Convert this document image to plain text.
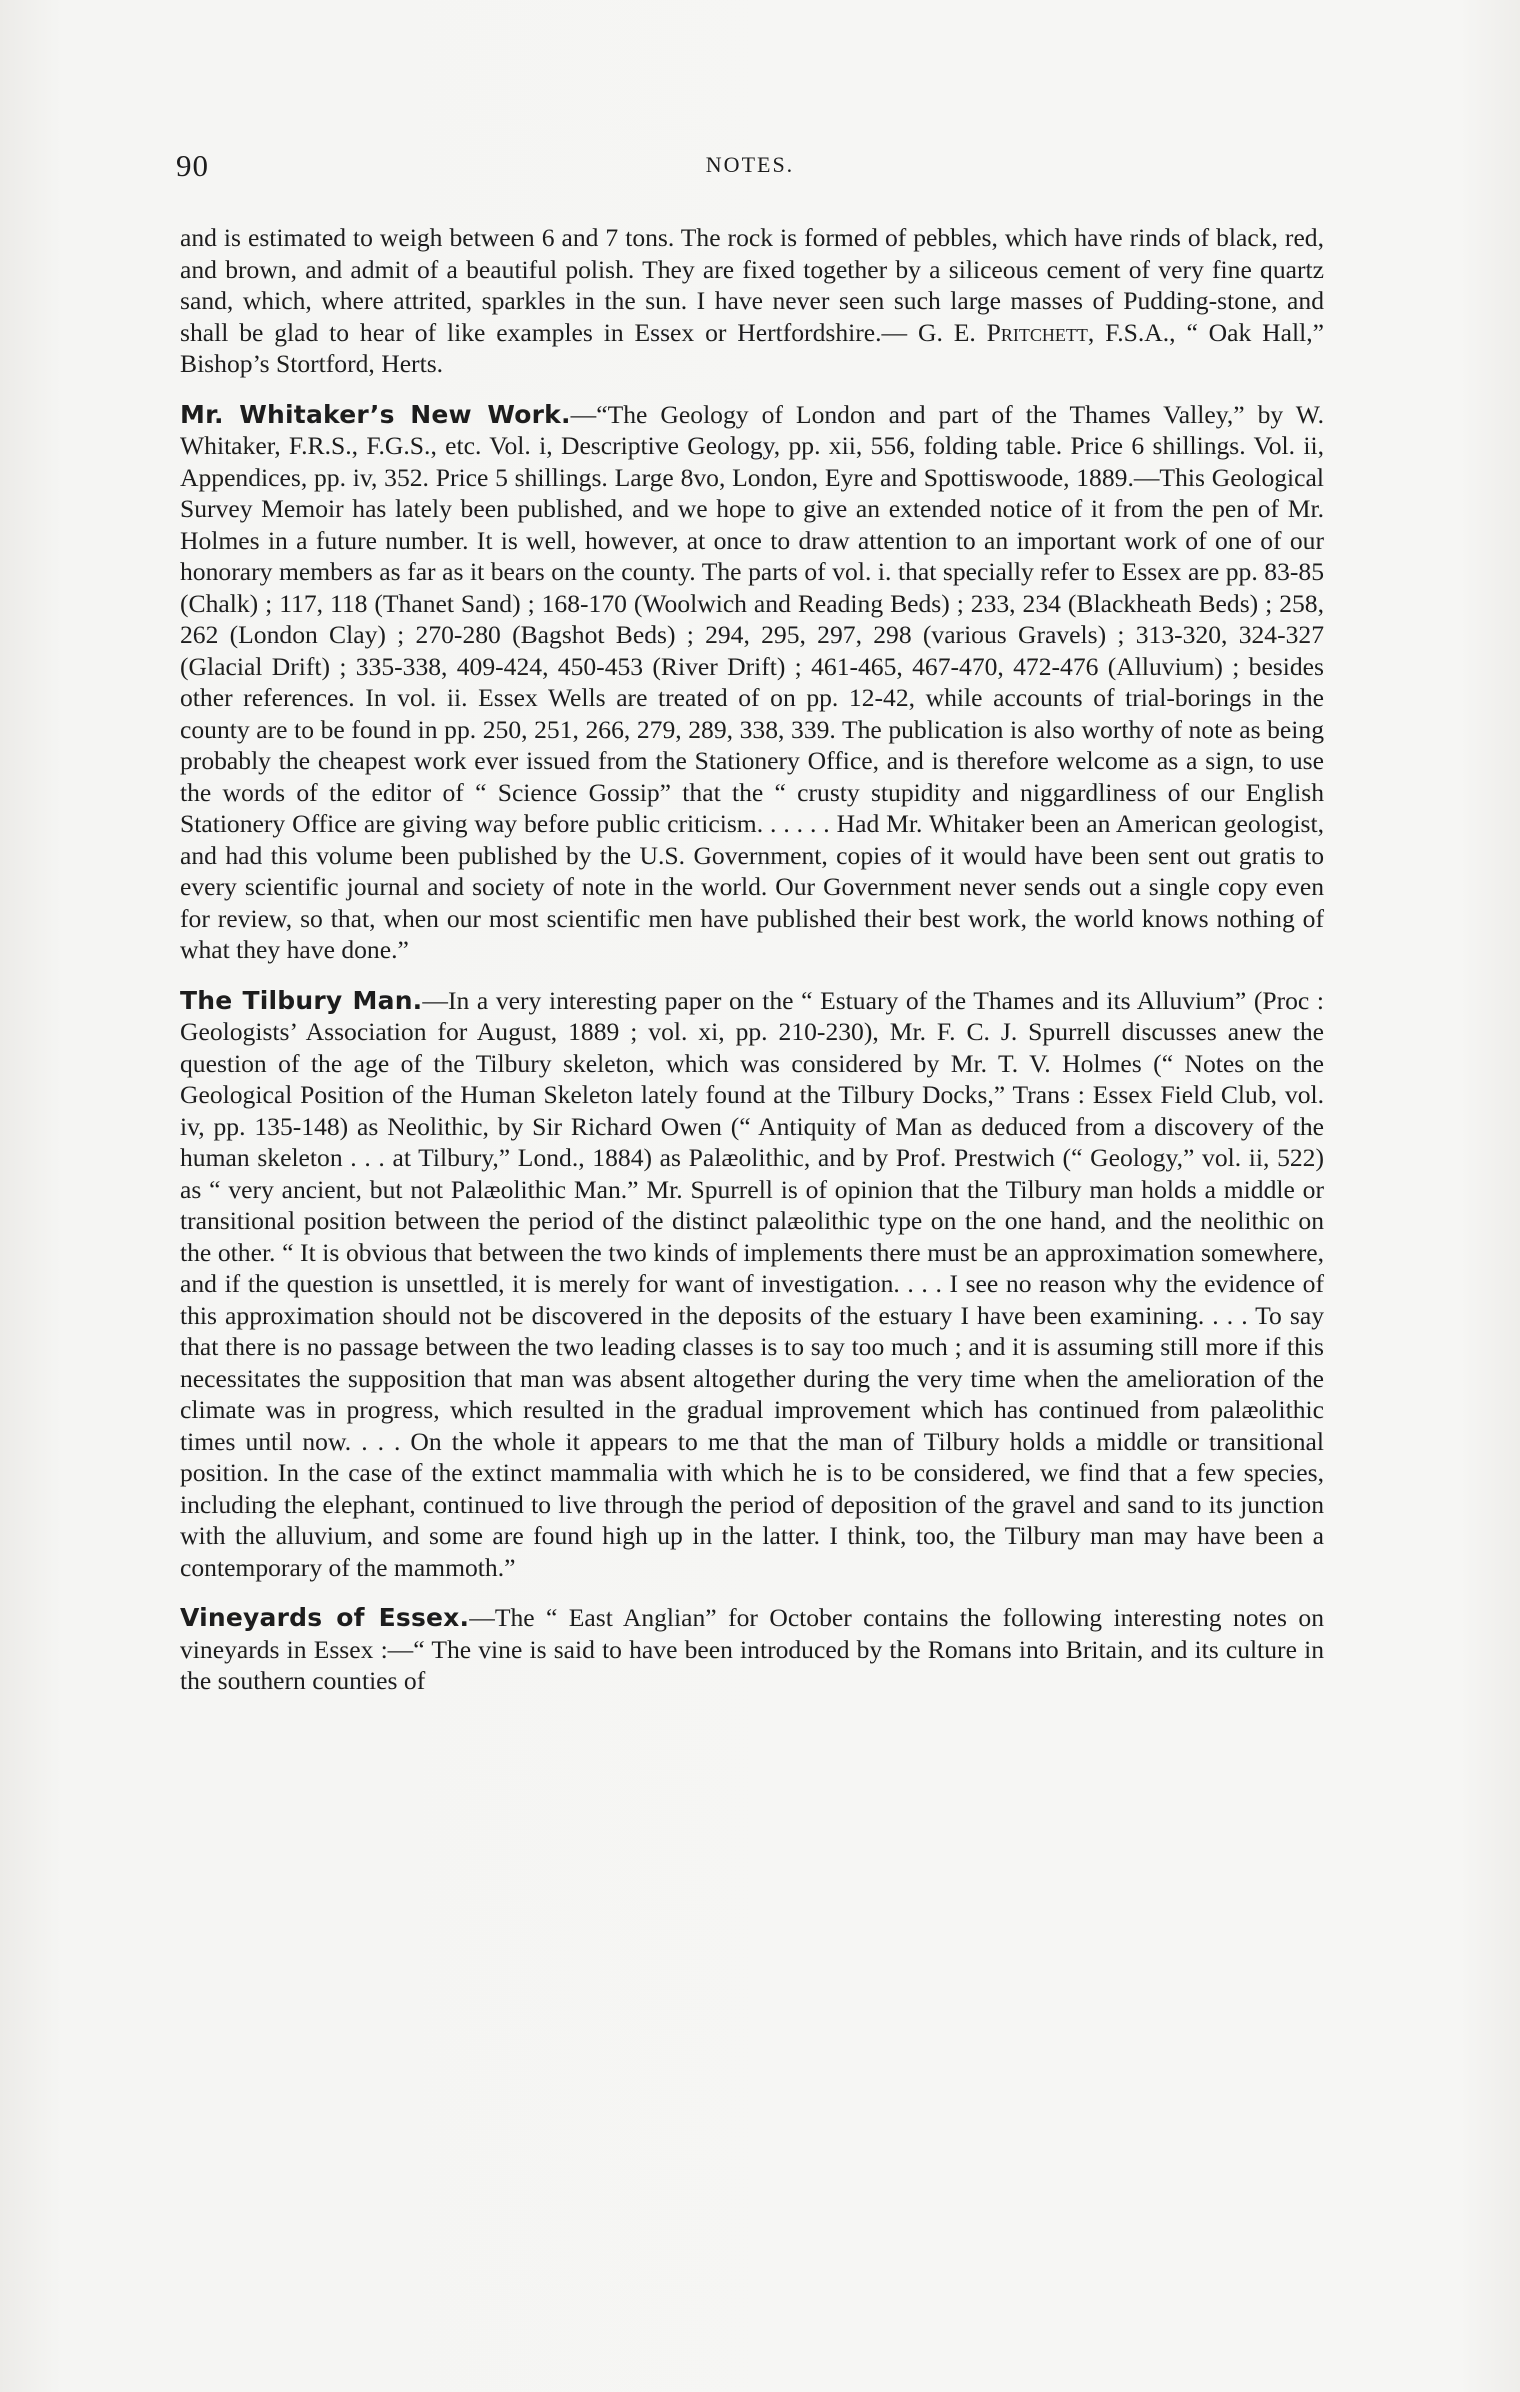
90	NOTES.

and is estimated to weigh between 6 and 7 tons. The rock is formed of pebbles, which have rinds of black, red, and brown, and admit of a beautiful polish. They are fixed together by a siliceous cement of very fine quartz sand, which, where attrited, sparkles in the sun. I have never seen such large masses of Pudding-stone, and shall be glad to hear of like examples in Essex or Hertfordshire.— G. E. Pritchett, F.S.A., “ Oak Hall,” Bishop’s Stortford, Herts.

Mr. Whitaker’s New Work.—“The Geology of London and part of the Thames Valley,” by W. Whitaker, F.R.S., F.G.S., etc. Vol. i, Descriptive Geology, pp. xii, 556, folding table. Price 6 shillings. Vol. ii, Appendices, pp. iv, 352. Price 5 shillings. Large 8vo, London, Eyre and Spottiswoode, 1889.—This Geological Survey Memoir has lately been published, and we hope to give an extended notice of it from the pen of Mr. Holmes in a future number. It is well, however, at once to draw attention to an important work of one of our honorary members as far as it bears on the county. The parts of vol. i. that specially refer to Essex are pp. 83-85 (Chalk) ; 117, 118 (Thanet Sand) ; 168-170 (Woolwich and Reading Beds) ; 233, 234 (Blackheath Beds) ; 258, 262 (London Clay) ; 270-280 (Bagshot Beds) ; 294, 295, 297, 298 (various Gravels) ; 313-320, 324-327 (Glacial Drift) ; 335-338, 409-424, 450-453 (River Drift) ; 461-465, 467-470, 472-476 (Alluvium) ; besides other references. In vol. ii. Essex Wells are treated of on pp. 12-42, while accounts of trial-borings in the county are to be found in pp. 250, 251, 266, 279, 289, 338, 339. The publication is also worthy of note as being probably the cheapest work ever issued from the Stationery Office, and is therefore welcome as a sign, to use the words of the editor of “ Science Gossip” that the “ crusty stupidity and niggardliness of our English Stationery Office are giving way before public criticism. . . . . . Had Mr. Whitaker been an American geologist, and had this volume been published by the U.S. Government, copies of it would have been sent out gratis to every scientific journal and society of note in the world. Our Government never sends out a single copy even for review, so that, when our most scientific men have published their best work, the world knows nothing of what they have done.”

The Tilbury Man.—In a very interesting paper on the “ Estuary of the Thames and its Alluvium” (Proc : Geologists’ Association for August, 1889 ; vol. xi, pp. 210-230), Mr. F. C. J. Spurrell discusses anew the question of the age of the Tilbury skeleton, which was considered by Mr. T. V. Holmes (“ Notes on the Geological Position of the Human Skeleton lately found at the Tilbury Docks,” Trans : Essex Field Club, vol. iv, pp. 135-148) as Neolithic, by Sir Richard Owen (“ Antiquity of Man as deduced from a discovery of the human skeleton . . . at Tilbury,” Lond., 1884) as Palæolithic, and by Prof. Prestwich (“ Geology,” vol. ii, 522) as “ very ancient, but not Palæolithic Man.” Mr. Spurrell is of opinion that the Tilbury man holds a middle or transitional position between the period of the distinct palæolithic type on the one hand, and the neolithic on the other. “ It is obvious that between the two kinds of implements there must be an approximation somewhere, and if the question is unsettled, it is merely for want of investigation. . . . I see no reason why the evidence of this approximation should not be discovered in the deposits of the estuary I have been examining. . . . To say that there is no passage between the two leading classes is to say too much ; and it is assuming still more if this necessitates the supposition that man was absent altogether during the very time when the amelioration of the climate was in progress, which resulted in the gradual improvement which has continued from palæolithic times until now. . . . On the whole it appears to me that the man of Tilbury holds a middle or transitional position. In the case of the extinct mammalia with which he is to be considered, we find that a few species, including the elephant, continued to live through the period of deposition of the gravel and sand to its junction with the alluvium, and some are found high up in the latter. I think, too, the Tilbury man may have been a contemporary of the mammoth.”

Vineyards of Essex.—The “ East Anglian” for October contains the following interesting notes on vineyards in Essex :—“ The vine is said to have been introduced by the Romans into Britain, and its culture in the southern counties of
